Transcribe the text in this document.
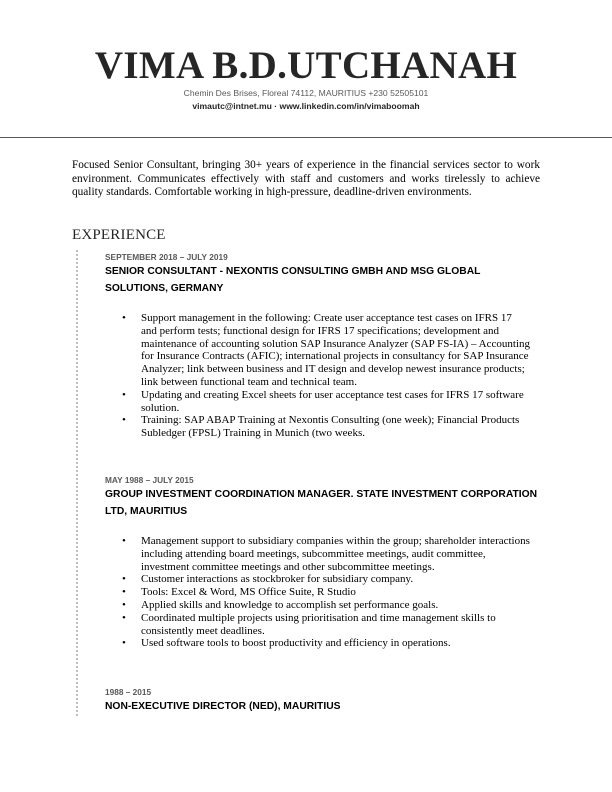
VIMA B.D.UTCHANAH
Chemin Des Brises, Floreal 74112, MAURITIUS +230 52505101
vimautc@intnet.mu · www.linkedin.com/in/vimaboomah

Focused Senior Consultant, bringing 30+ years of experience in the financial services sector to work environment. Communicates effectively with staff and customers and works tirelessly to achieve quality standards. Comfortable working in high-pressure, deadline-driven environments.

EXPERIENCE
SEPTEMBER 2018 – JULY 2019
SENIOR CONSULTANT - NEXONTIS CONSULTING GMBH AND MSG GLOBAL SOLUTIONS, GERMANY
• Support management in the following: Create user acceptance test cases on IFRS 17 and perform tests; functional design for IFRS 17 specifications; development and maintenance of accounting solution SAP Insurance Analyzer (SAP FS-IA) – Accounting for Insurance Contracts (AFIC); international projects in consultancy for SAP Insurance Analyzer; link between business and IT design and develop newest insurance products; link between functional team and technical team.
• Updating and creating Excel sheets for user acceptance test cases for IFRS 17 software solution.
• Training: SAP ABAP Training at Nexontis Consulting (one week); Financial Products Subledger (FPSL) Training in Munich (two weeks.
MAY 1988 – JULY 2015
GROUP INVESTMENT COORDINATION MANAGER. STATE INVESTMENT CORPORATION LTD, MAURITIUS
• Management support to subsidiary companies within the group; shareholder interactions including attending board meetings, subcommittee meetings, audit committee, investment committee meetings and other subcommittee meetings.
• Customer interactions as stockbroker for subsidiary company.
• Tools: Excel & Word, MS Office Suite, R Studio
• Applied skills and knowledge to accomplish set performance goals.
• Coordinated multiple projects using prioritisation and time management skills to consistently meet deadlines.
• Used software tools to boost productivity and efficiency in operations.
1988 – 2015
NON-EXECUTIVE DIRECTOR (NED), MAURITIUS
